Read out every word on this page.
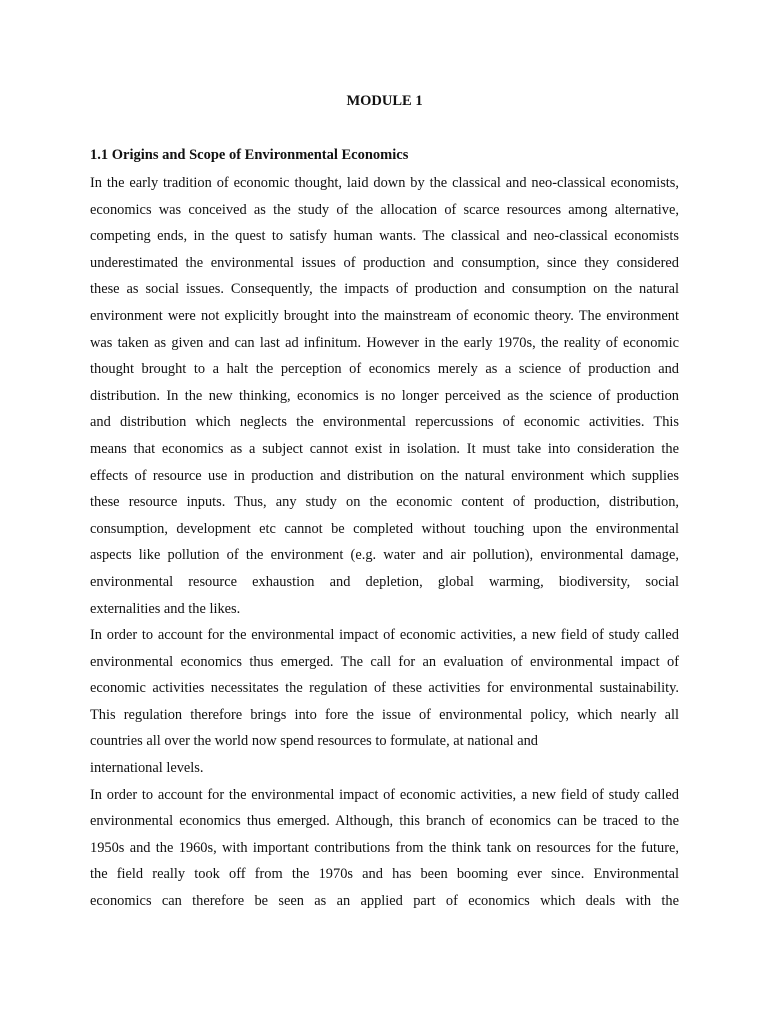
MODULE 1
1.1 Origins and Scope of Environmental Economics
In the early tradition of economic thought, laid down by the classical and neo-classical economists,
economics was conceived as the study of the allocation of scarce resources among alternative,
competing ends, in the quest to satisfy human wants. The classical and neo-classical economists
underestimated the environmental issues of production and consumption, since they considered
these as social issues. Consequently, the impacts of production and consumption on the natural
environment were not explicitly brought into the mainstream of economic theory. The environment
was taken as given and can last ad infinitum. However in the early 1970s, the reality of economic
thought brought to a halt the perception of economics merely as a science of production and
distribution. In the new thinking, economics is no longer perceived as the science of production
and distribution which neglects the environmental repercussions of economic activities. This
means that economics as a subject cannot exist in isolation. It must take into consideration the
effects of resource use in production and distribution on the natural environment which supplies
these resource inputs. Thus, any study on the economic content of production, distribution,
consumption, development etc cannot be completed without touching upon the environmental
aspects like pollution of the environment (e.g. water and air pollution), environmental damage,
environmental resource exhaustion and depletion, global warming, biodiversity, social
externalities and the likes.
In order to account for the environmental impact of economic activities, a new field of study called
environmental economics thus emerged. The call for an evaluation of environmental impact of
economic activities necessitates the regulation of these activities for environmental sustainability.
This regulation therefore brings into fore the issue of environmental policy, which nearly all
countries all over the world now spend resources to formulate, at national and
international levels.
In order to account for the environmental impact of economic activities, a new field of study called
environmental economics thus emerged. Although, this branch of economics can be traced to the
1950s and the 1960s, with important contributions from the think tank on resources for the future,
the field really took off from the 1970s and has been booming ever since. Environmental
economics can therefore be seen as an applied part of economics which deals with the
